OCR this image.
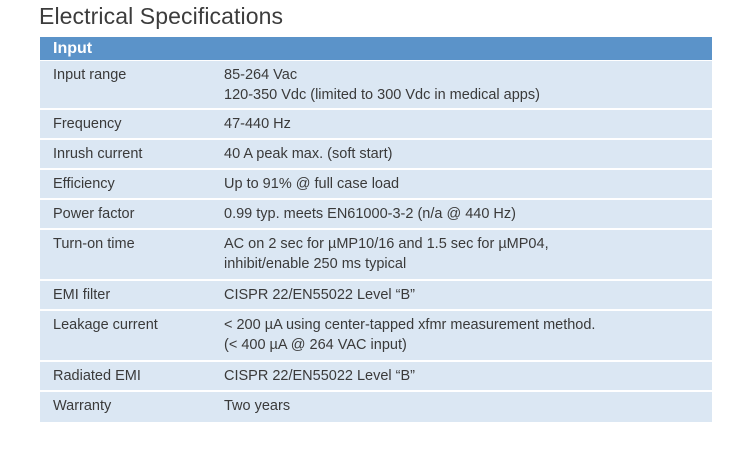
Electrical Specifications
Input
Input range	85-264 Vac
120-350 Vdc (limited to 300 Vdc in medical apps)
Frequency	47-440 Hz
Inrush current	40 A peak max. (soft start)
Efficiency	Up to 91% @ full case load
Power factor	0.99 typ. meets EN61000-3-2 (n/a @ 440 Hz)
Turn-on time	AC on 2 sec for µMP10/16 and 1.5 sec for µMP04,
inhibit/enable 250 ms typical
EMI filter	CISPR 22/EN55022 Level “B”
Leakage current	< 200 µA using center-tapped xfmr measurement method.
(< 400 µA @ 264 VAC input)
Radiated EMI	CISPR 22/EN55022 Level “B”
Warranty	Two years
